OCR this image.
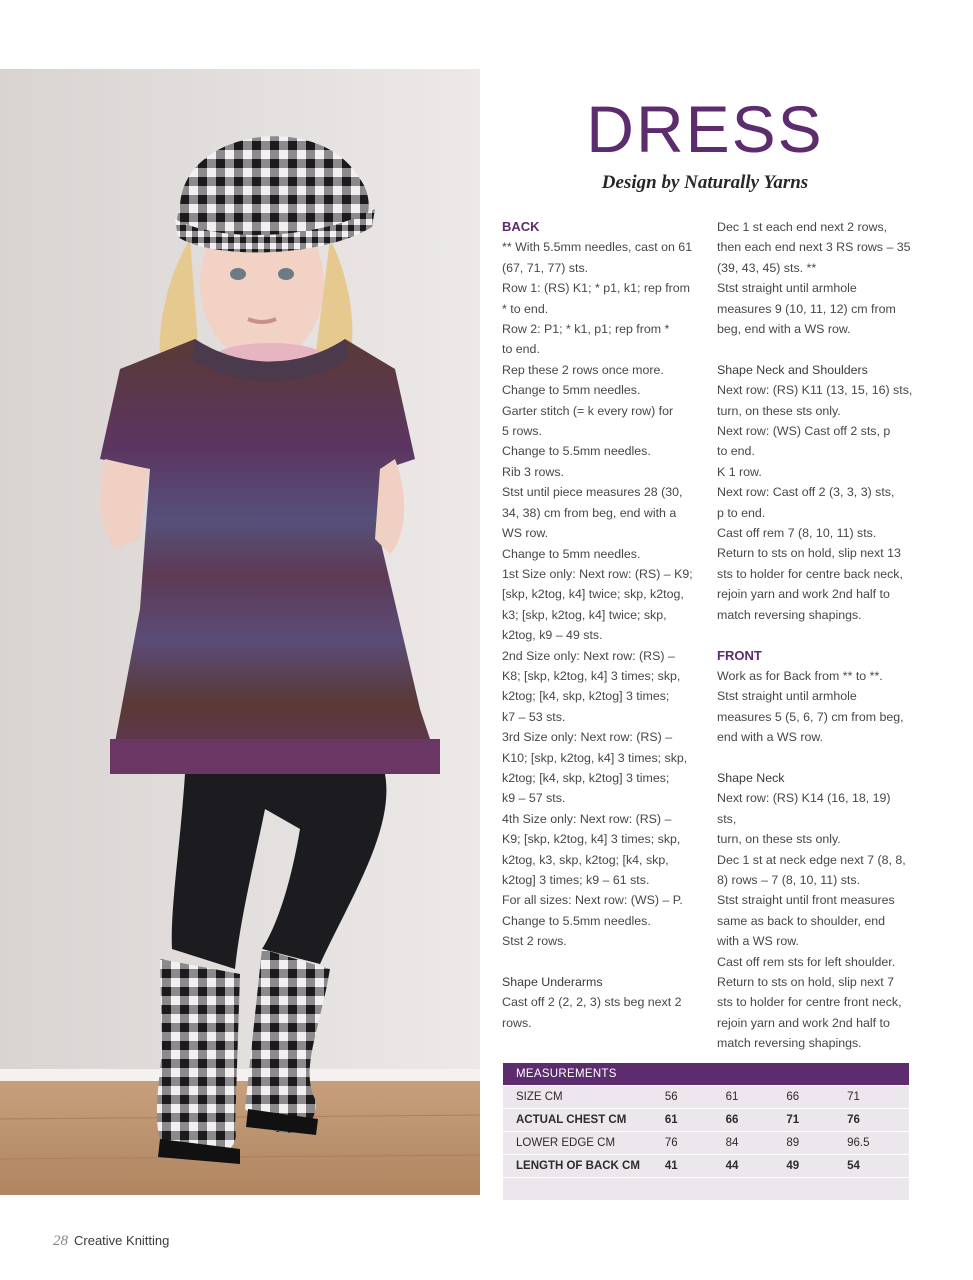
DRESS
Design by Naturally Yarns

BACK

** With 5.5mm needles, cast on 61

(67, 71, 77) sts.

Row 1: (RS) K1; * p1, k1; rep from

* to end.

Row 2: P1; * k1, p1; rep from *

to end.

Rep these 2 rows once more.

Change to 5mm needles.

Garter stitch (= k every row) for

5 rows.

Change to 5.5mm needles.

Rib 3 rows.

Stst until piece measures 28 (30,

34, 38) cm from beg, end with a

WS row.

Change to 5mm needles.

1st Size only: Next row: (RS) – K9;

[skp, k2tog, k4] twice; skp, k2tog,

k3; [skp, k2tog, k4] twice; skp,

k2tog, k9 – 49 sts.

2nd Size only: Next row: (RS) –

K8; [skp, k2tog, k4] 3 times; skp,

k2tog; [k4, skp, k2tog] 3 times;

k7 – 53 sts.

3rd Size only: Next row: (RS) –

K10; [skp, k2tog, k4] 3 times; skp,

k2tog; [k4, skp, k2tog] 3 times;

k9 – 57 sts.

4th Size only: Next row: (RS) –

K9; [skp, k2tog, k4] 3 times; skp,

k2tog, k3, skp, k2tog; [k4, skp,

k2tog] 3 times; k9 – 61 sts.

For all sizes: Next row: (WS) – P.

Change to 5.5mm needles.

Stst 2 rows.

Shape Underarms

Cast off 2 (2, 2, 3) sts beg next 2

rows.

Dec 1 st each end next 2 rows,

then each end next 3 RS rows – 35

(39, 43, 45) sts. **

Stst straight until armhole

measures 9 (10, 11, 12) cm from

beg, end with a WS row.

Shape Neck and Shoulders

Next row: (RS) K11 (13, 15, 16) sts,

turn, on these sts only.

Next row: (WS) Cast off 2 sts, p

to end.

K 1 row.

Next row: Cast off 2 (3, 3, 3) sts,

p to end.

Cast off rem 7 (8, 10, 11) sts.

Return to sts on hold, slip next 13

sts to holder for centre back neck,

rejoin yarn and work 2nd half to

match reversing shapings.

FRONT

Work as for Back from ** to **.

Stst straight until armhole

measures 5 (5, 6, 7) cm from beg,

end with a WS row.

Shape Neck

Next row: (RS) K14 (16, 18, 19) sts,

turn, on these sts only.

Dec 1 st at neck edge next 7 (8, 8,

8) rows – 7 (8, 10, 11) sts.

Stst straight until front measures

same as back to shoulder, end

with a WS row.

Cast off rem sts for left shoulder.

Return to sts on hold, slip next 7

sts to holder for centre front neck,

rejoin yarn and work 2nd half to

match reversing shapings.

MEASUREMENTS				
SIZE CM	56	61	66	71
ACTUAL CHEST CM	61	66	71	76
LOWER EDGE CM	76	84	89	96.5
LENGTH OF BACK CM	41	44	49	54

28 Creative Knitting
